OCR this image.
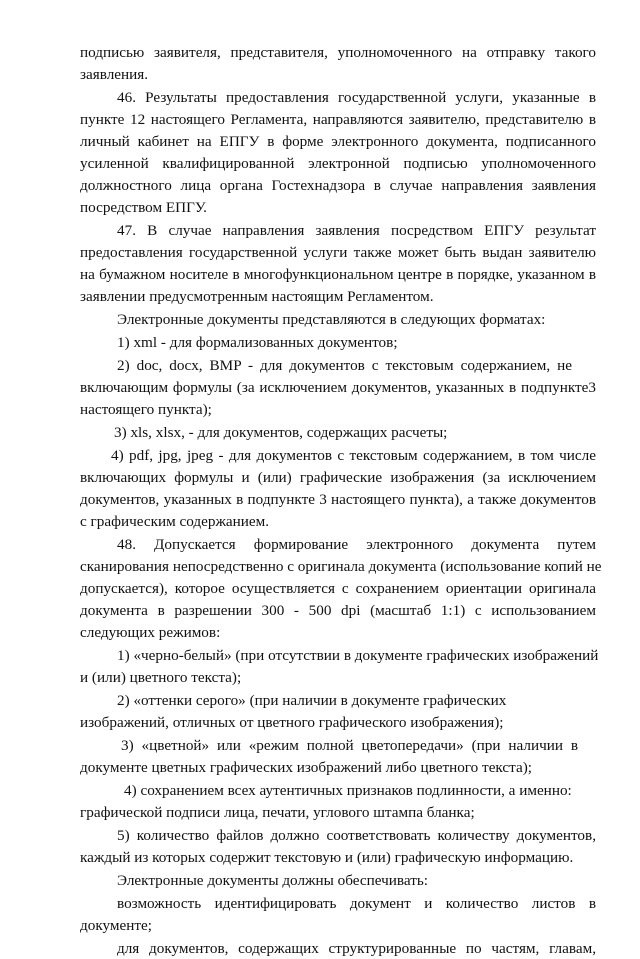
подписью заявителя, представителя, уполномоченного на отправку такого
заявления.
46. Результаты предоставления государственной услуги, указанные в
пункте 12 настоящего Регламента, направляются заявителю, представителю в
личный кабинет на ЕПГУ в форме электронного документа, подписанного
усиленной квалифицированной электронной подписью уполномоченного
должностного лица органа Гостехнадзора в случае направления заявления
посредством ЕПГУ.
47. В случае направления заявления посредством ЕПГУ результат
предоставления государственной услуги также может быть выдан заявителю
на бумажном носителе в многофункциональном центре в порядке, указанном в
заявлении предусмотренным настоящим Регламентом.
Электронные документы представляются в следующих форматах:
1) xml - для формализованных документов;
2) doc, docx, BMP - для документов с текстовым содержанием, не
включающим формулы (за исключением документов, указанных в подпункте3
настоящего пункта);
3) xls, xlsx, - для документов, содержащих расчеты;
4) pdf, jpg, jpeg - для документов с текстовым содержанием, в том числе
включающих формулы и (или) графические изображения (за исключением
документов, указанных в подпункте 3 настоящего пункта), а также документов
с графическим содержанием.
48. Допускается формирование электронного документа путем
сканирования непосредственно с оригинала документа (использование копий не
допускается), которое осуществляется с сохранением ориентации оригинала
документа в разрешении 300 - 500 dpi (масштаб 1:1) с использованием
следующих режимов:
1) «черно-белый» (при отсутствии в документе графических изображений
и (или) цветного текста);
2) «оттенки серого» (при наличии в документе графических
изображений, отличных от цветного графического изображения);
3) «цветной» или «режим полной цветопередачи» (при наличии в
документе цветных графических изображений либо цветного текста);
4) сохранением всех аутентичных признаков подлинности, а именно:
графической подписи лица, печати, углового штампа бланка;
5) количество файлов должно соответствовать количеству документов,
каждый из которых содержит текстовую и (или) графическую информацию.
Электронные документы должны обеспечивать:
возможность идентифицировать документ и количество листов в
документе;
для документов, содержащих структурированные по частям, главам,
